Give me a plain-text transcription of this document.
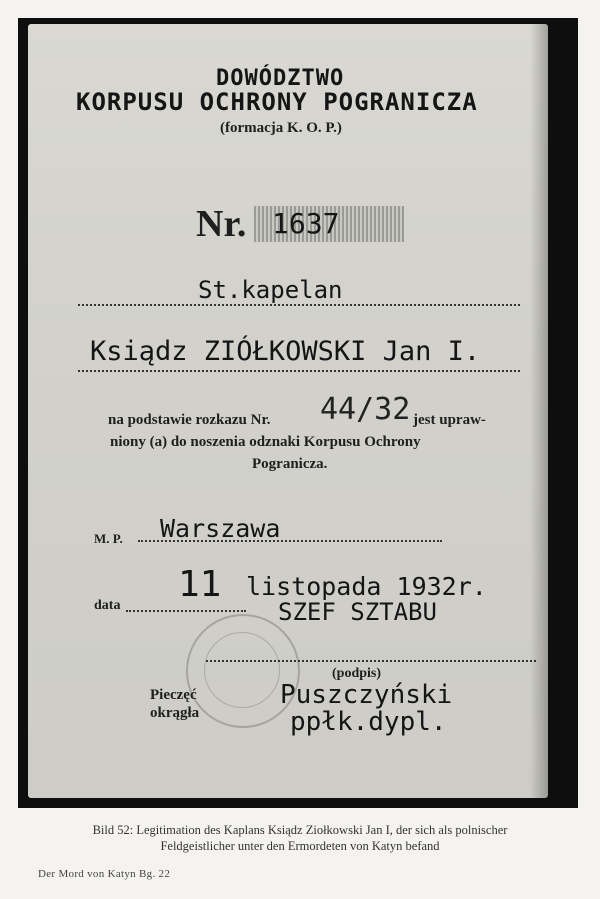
DOWÓDZTWO
KORPUSU OCHRONY POGRANICZA
(formacja K. O. P.)
Nr. 1637
St.kapelan
Ksiądz ZIÓŁKOWSKI Jan I.
na podstawie rozkazu Nr. 44/32 jest upraw-
niony (a) do noszenia odznaki Korpusu Ochrony
Pogranicza.
M. P. Warszawa
data
11 listopada 1932r.
SZEF SZTABU
(podpis)
Puszczyński
ppłk.dypl.
Pieczęć
okrągła
Bild 52: Legitimation des Kaplans Ksiądz Ziołkowski Jan I, der sich als polnischer
Feldgeistlicher unter den Ermordeten von Katyn befand
Der Mord von Katyn Bg. 22
